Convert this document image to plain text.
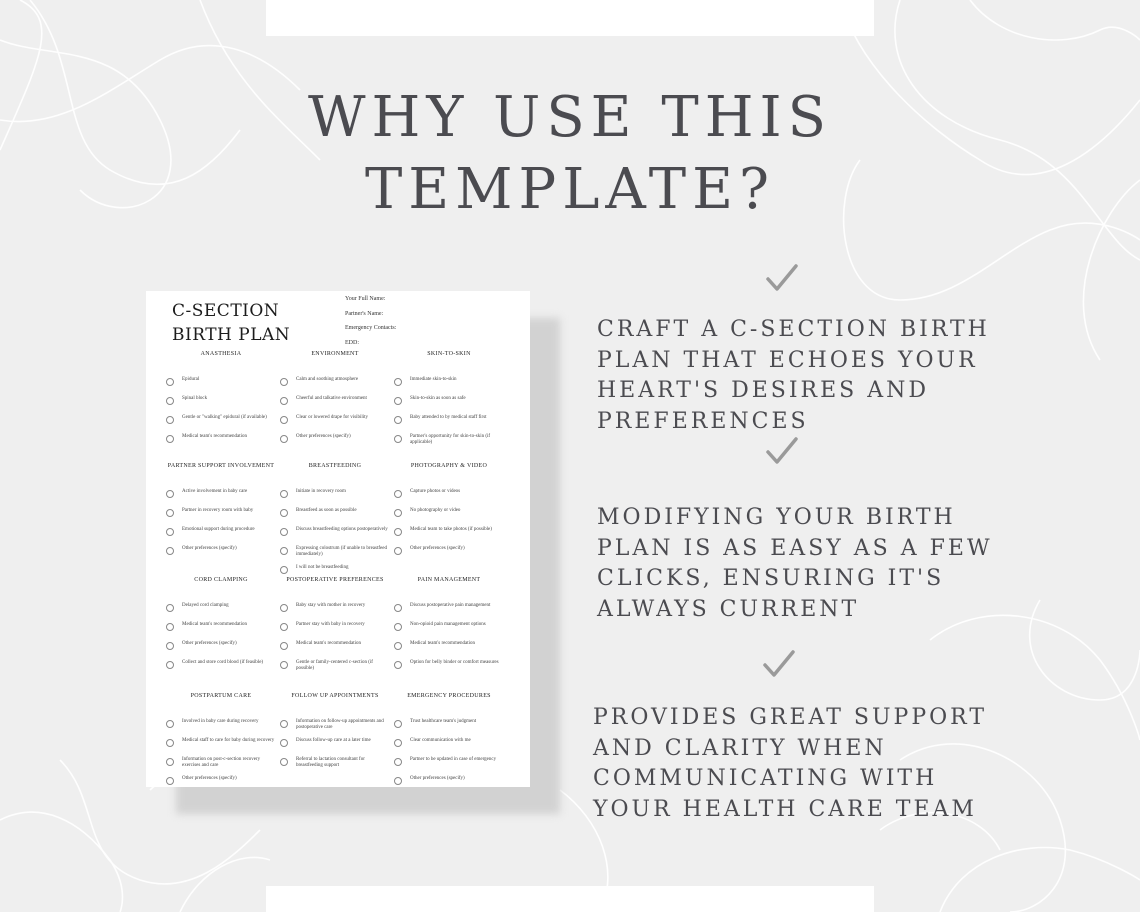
WHY USE THIS
TEMPLATE?
C-SECTION
BIRTH PLAN
Your Full Name:
Partner's Name:
Emergency Contacts:
EDD:
ANASTHESIA
Epidural
Spinal block
Gentle or "walking" epidural (if available)
Medical team's recommendation
ENVIRONMENT
Calm and soothing atmosphere
Cheerful and talkative environment
Clear or lowered drape for visibility
Other preferences (specify)
SKIN-TO-SKIN
Immediate skin-to-skin
Skin-to-skin as soon as safe
Baby attended to by medical staff first
Partner's opportunity for skin-to-skin (if applicable)
PARTNER SUPPORT INVOLVEMENT
Active involvement in baby care
Partner in recovery room with baby
Emotional support during procedure
Other preferences (specify)
BREASTFEEDING
Initiate in recovery room
Breastfeed as soon as possible
Discuss breastfeeding options postoperatively
Expressing colostrum (if unable to breastfeed immediately)
I will not be breastfeeding
PHOTOGRAPHY & VIDEO
Capture photos or videos
No photography or video
Medical team to take photos (if possible)
Other preferences (specify)
CORD CLAMPING
Delayed cord clamping
Medical team's recommendation
Other preferences (specify)
Collect and store cord blood (if feasible)
POSTOPERATIVE PREFERENCES
Baby stay with mother in recovery
Partner stay with baby in recovery
Medical team's recommendation
Gentle or family-centered c-section (if possible)
PAIN MANAGEMENT
Discuss postoperative pain management
Non-opioid pain management options
Medical team's recommendation
Option for belly binder or comfort measures
POSTPARTUM CARE
Involved in baby care during recovery
Medical staff to care for baby during recovery
Information on post-c-section recovery exercises and care
Other preferences (specify)
FOLLOW UP APPOINTMENTS
Information on follow-up appointments and postoperative care
Discuss follow-up care at a later time
Referral to lactation consultant for breastfeeding support
EMERGENCY PROCEDURES
Trust healthcare team's judgment
Clear communication with me
Partner to be updated in case of emergency
Other preferences (specify)
CRAFT A C-SECTION BIRTH
PLAN THAT ECHOES YOUR
HEART'S DESIRES AND
PREFERENCES
MODIFYING YOUR BIRTH
PLAN IS AS EASY AS A FEW
CLICKS, ENSURING IT'S
ALWAYS CURRENT
PROVIDES GREAT SUPPORT
AND CLARITY WHEN
COMMUNICATING WITH
YOUR HEALTH CARE TEAM
